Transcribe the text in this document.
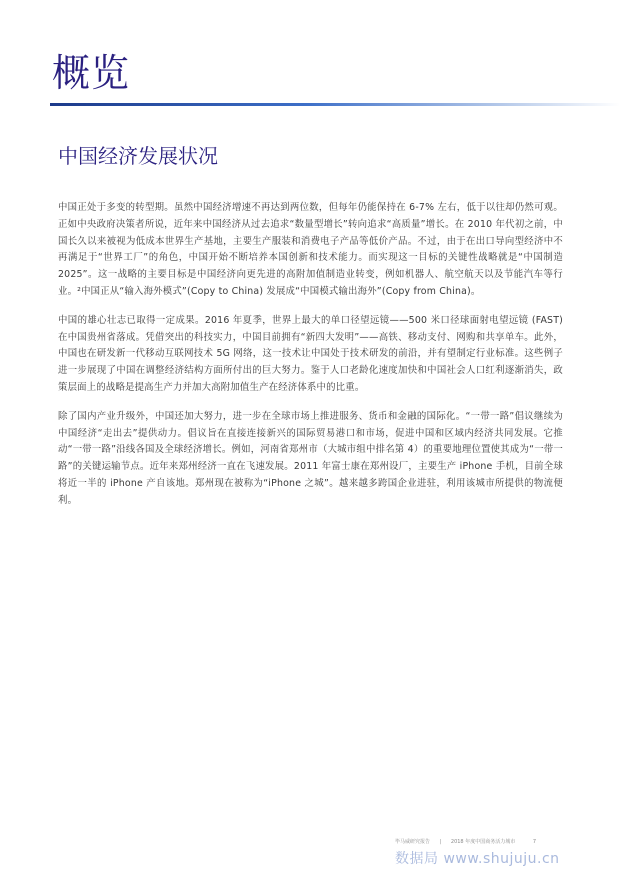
概览
中国经济发展状况

中国正处于多变的转型期。虽然中国经济增速不再达到两位数，但每年仍能保持在 6-7% 左右，低于以往却仍然可观。正如中央政府决策者所说，近年来中国经济从过去追求“数量型增长”转向追求“高质量”增长。在 2010 年代初之前，中国长久以来被视为低成本世界生产基地，主要生产服装和消费电子产品等低价产品。不过，由于在出口导向型经济中不再满足于“世界工厂”的角色，中国开始不断培养本国创新和技术能力。而实现这一目标的关键性战略就是“中国制造 2025”。这一战略的主要目标是中国经济向更先进的高附加值制造业转变，例如机器人、航空航天以及节能汽车等行业。²中国正从“输入海外模式”(Copy to China) 发展成“中国模式输出海外”(Copy from China)。

中国的雄心壮志已取得一定成果。2016 年夏季，世界上最大的单口径望远镜——500 米口径球面射电望远镜 (FAST) 在中国贵州省落成。凭借突出的科技实力，中国目前拥有“新四大发明”——高铁、移动支付、网购和共享单车。此外，中国也在研发新一代移动互联网技术 5G 网络，这一技术让中国处于技术研发的前沿，并有望制定行业标准。这些例子进一步展现了中国在调整经济结构方面所付出的巨大努力。鉴于人口老龄化速度加快和中国社会人口红利逐渐消失，政策层面上的战略是提高生产力并加大高附加值生产在经济体系中的比重。

除了国内产业升级外，中国还加大努力，进一步在全球市场上推进服务、货币和金融的国际化。“一带一路”倡议继续为中国经济“走出去”提供动力。倡议旨在直接连接新兴的国际贸易港口和市场，促进中国和区域内经济共同发展。它推动“一带一路”沿线各国及全球经济增长。例如，河南省郑州市（大城市组中排名第 4）的重要地理位置使其成为“一带一路”的关键运输节点。近年来郑州经济一直在飞速发展。2011 年富士康在郑州设厂，主要生产 iPhone 手机，目前全球将近一半的 iPhone 产自该地。郑州现在被称为“iPhone 之城”。越来越多跨国企业进驻，利用该城市所提供的物流便利。

毕马威研究报告 | 2018 年度中国商务活力城市	7
数据局 www.shujuju.cn
